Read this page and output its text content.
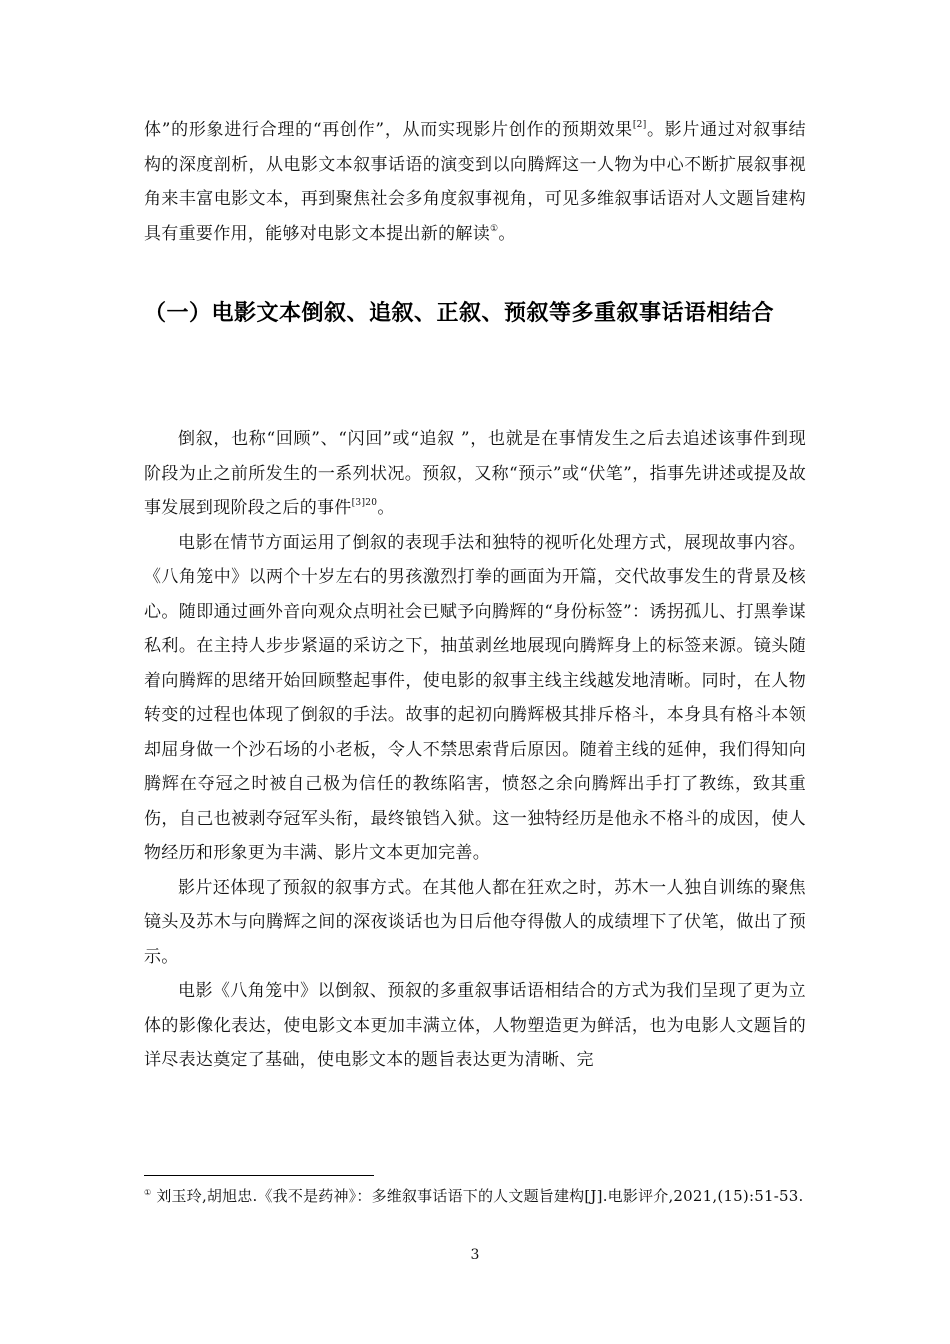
体”的形象进行合理的“再创作”，从而实现影片创作的预期效果[2]。影片通过对叙事结构的深度剖析，从电影文本叙事话语的演变到以向腾辉这一人物为中心不断扩展叙事视角来丰富电影文本，再到聚焦社会多角度叙事视角，可见多维叙事话语对人文题旨建构具有重要作用，能够对电影文本提出新的解读①。

（一）电影文本倒叙、追叙、正叙、预叙等多重叙事话语相结合

倒叙，也称“回顾”、“闪回”或“追叙 ”，也就是在事情发生之后去追述该事件到现阶段为止之前所发生的一系列状况。预叙，又称“预示”或“伏笔”，指事先讲述或提及故事发展到现阶段之后的事件$^{[3]20}$。

电影在情节方面运用了倒叙的表现手法和独特的视听化处理方式，展现故事内容。《八角笼中》以两个十岁左右的男孩激烈打拳的画面为开篇，交代故事发生的背景及核心。随即通过画外音向观众点明社会已赋予向腾辉的“身份标签”：诱拐孤儿、打黑拳谋私利。在主持人步步紧逼的采访之下，抽茧剥丝地展现向腾辉身上的标签来源。镜头随着向腾辉的思绪开始回顾整起事件，使电影的叙事主线主线越发地清晰。同时，在人物转变的过程也体现了倒叙的手法。故事的起初向腾辉极其排斥格斗，本身具有格斗本领却屈身做一个沙石场的小老板，令人不禁思索背后原因。随着主线的延伸，我们得知向腾辉在夺冠之时被自己极为信任的教练陷害，愤怒之余向腾辉出手打了教练，致其重伤，自己也被剥夺冠军头衔，最终锒铛入狱。这一独特经历是他永不格斗的成因，使人物经历和形象更为丰满、影片文本更加完善。

影片还体现了预叙的叙事方式。在其他人都在狂欢之时，苏木一人独自训练的聚焦镜头及苏木与向腾辉之间的深夜谈话也为日后他夺得傲人的成绩埋下了伏笔，做出了预示。

电影《八角笼中》以倒叙、预叙的多重叙事话语相结合的方式为我们呈现了更为立体的影像化表达，使电影文本更加丰满立体，人物塑造更为鲜活，也为电影人文题旨的详尽表达奠定了基础，使电影文本的题旨表达更为清晰、完

① 刘玉玲,胡旭忠.《我不是药神》：多维叙事话语下的人文题旨建构[J].电影评介,2021,(15):51-53.

3
